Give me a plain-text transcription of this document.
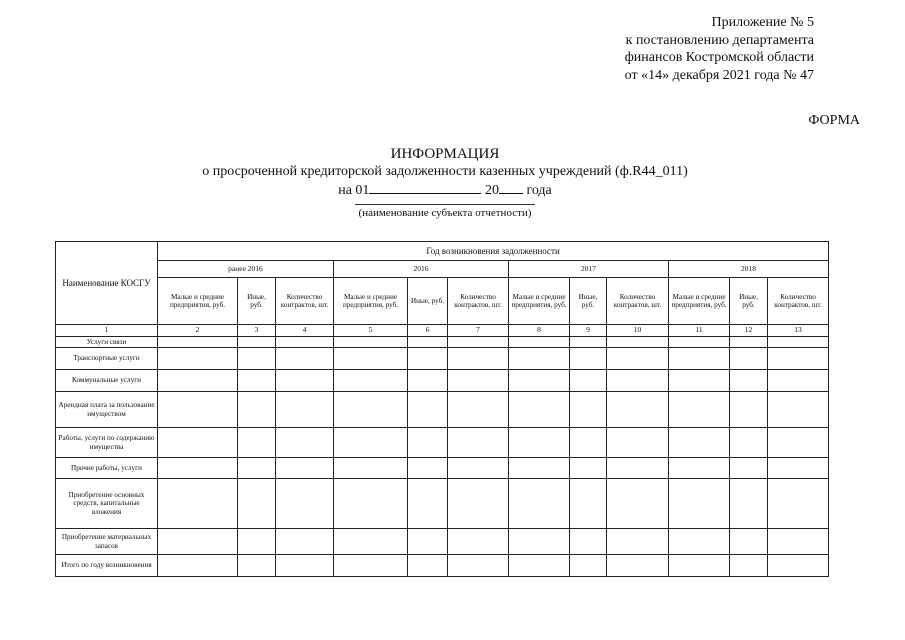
Приложение № 5
к постановлению департамента
финансов Костромской области
от «14» декабря 2021 года № 47
ФОРМА
ИНФОРМАЦИЯ
о просроченной кредиторской задолженности казенных учреждений (ф.R44_011)
на 01	20 года
(наименование субъекта отчетности)
Наименование КОСГУ	Год возникновения задолженности											
	ранее 2016			2016			2017			2018		
	Малые и средние предприятия, руб.	Иные, руб.	Количество контрактов, шт.	Малые и средние предприятия, руб.	Иные, руб.	Количество контрактов, шт.	Малые и средние предприятия, руб.	Иные, руб.	Количество контрактов, шт.	Малые и средние предприятия, руб.	Иные, руб.	Количество контрактов, шт.
1	2	3	4	5	6	7	8	9	10	11	12	13
Услуги связи												
Транспортные услуги												
Коммунальные услуги												
Арендная плата за пользование имуществом												
Работы, услуги по содержанию имущества												
Прочие работы, услуги												
Приобретение основных средств, капитальные вложения												
Приобретение материальных запасов												
Итого по году возникновения												
